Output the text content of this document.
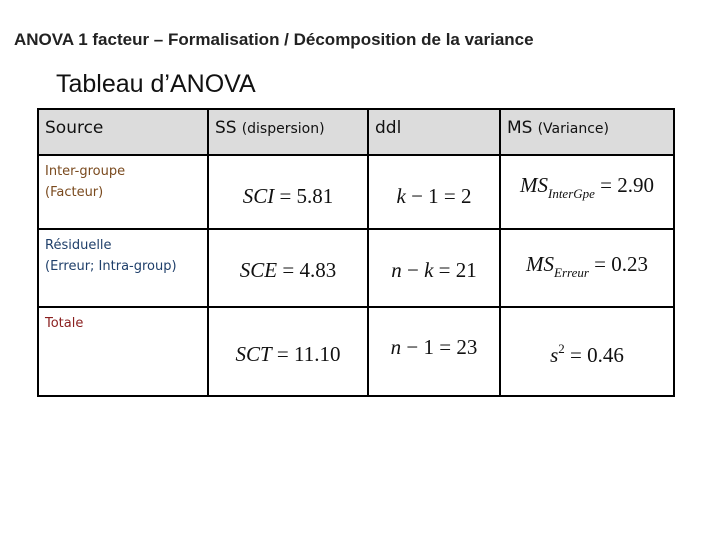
ANOVA 1 facteur – Formalisation / Décomposition de la variance
Tableau d’ANOVA
Source	SS (dispersion)	ddl	MS (Variance)

Inter-groupe
(Facteur)	SCI = 5.81	k − 1 = 2	$MS_{InterGpe} = 2.90$

Résiduelle
(Erreur; Intra-group)	SCE = 4.83	n − k = 21	$MS_{Erreur} = 0.23$

Totale	SCT = 11.10	n − 1 = 23	$s^2 = 0.46$
